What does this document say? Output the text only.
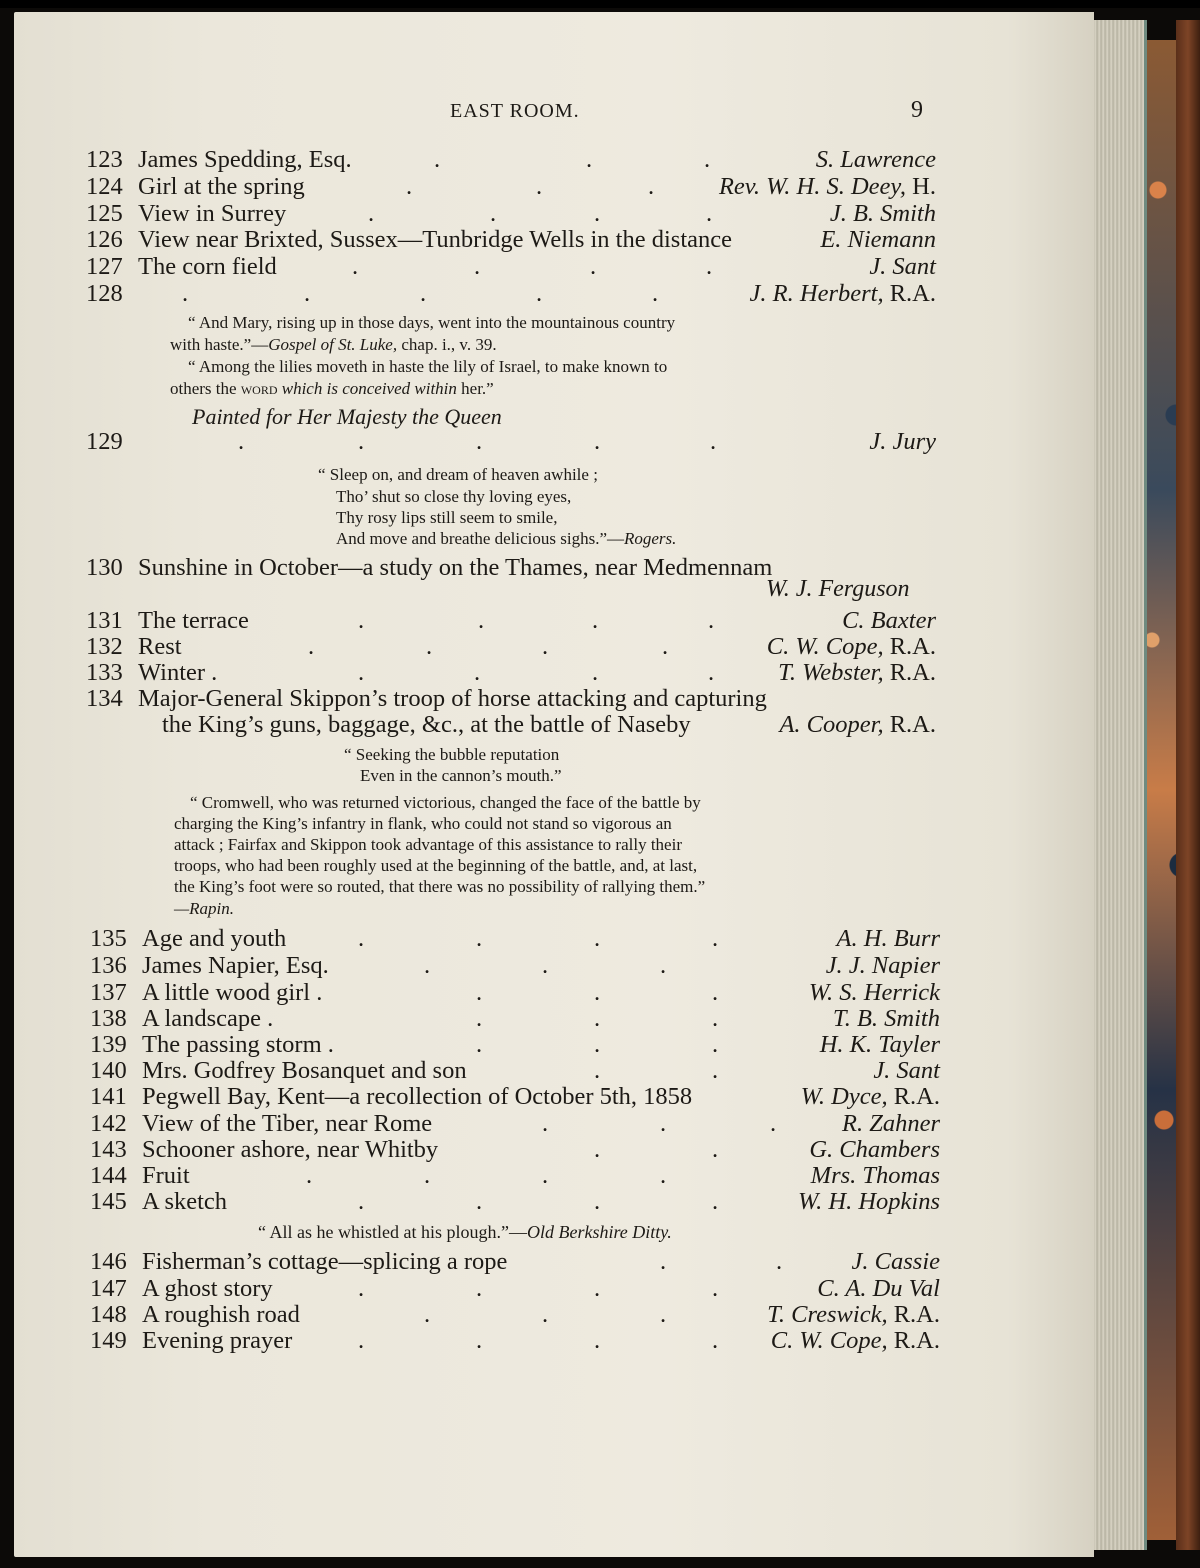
EAST ROOM.	9
123 James Spedding, Esq.	.	.	.	S. Lawrence
124 Girl at the spring	.	.	.	Rev. W. H. S. Deey, H.
125 View in Surrey	.	.	.	.	J. B. Smith
126 View near Brixted, Sussex—Tunbridge Wells in the distance	E. Niemann
127 The corn field	.	.	.	.	J. Sant
128 .	.	.	.	.	J. R. Herbert, R.A.
“ And Mary, rising up in those days, went into the mountainous country
with haste.”—Gospel of St. Luke, chap. i., v. 39.
“ Among the lilies moveth in haste the lily of Israel, to make known to
others the word which is conceived within her.”
Painted for Her Majesty the Queen
129	.	.	.	.	.	J. Jury
“ Sleep on, and dream of heaven awhile ;
Tho’ shut so close thy loving eyes,
Thy rosy lips still seem to smile,
And move and breathe delicious sighs.”—Rogers.
130 Sunshine in October—a study on the Thames, near Medmennam
W. J. Ferguson
131 The terrace	.	.	.	.	C. Baxter
132 Rest	.	.	.	.	C. W. Cope, R.A.
133 Winter .	.	.	.	.	T. Webster, R.A.
134 Major-General Skippon’s troop of horse attacking and capturing
the King’s guns, baggage, &c., at the battle of Naseby	A. Cooper, R.A.
“ Seeking the bubble reputation
Even in the cannon’s mouth.”
“ Cromwell, who was returned victorious, changed the face of the battle by
charging the King’s infantry in flank, who could not stand so vigorous an
attack ; Fairfax and Skippon took advantage of this assistance to rally their
troops, who had been roughly used at the beginning of the battle, and, at last,
the King’s foot were so routed, that there was no possibility of rallying them.”
—Rapin.
135 Age and youth	.	.	.	.	A. H. Burr
136 James Napier, Esq.	.	.	.	J. J. Napier
137 A little wood girl .	.	.	.	W. S. Herrick
138 A landscape .	.	.	.	T. B. Smith
139 The passing storm .	.	.	.	H. K. Tayler
140 Mrs. Godfrey Bosanquet and son	.	.	J. Sant
141 Pegwell Bay, Kent—a recollection of October 5th, 1858	W. Dyce, R.A.
142 View of the Tiber, near Rome	.	.	.	R. Zahner
143 Schooner ashore, near Whitby	.	.	G. Chambers
144 Fruit	.	.	.	.	Mrs. Thomas
145 A sketch	.	.	.	.	W. H. Hopkins
“ All as he whistled at his plough.”—Old Berkshire Ditty.
146 Fisherman’s cottage—splicing a rope	.	.	J. Cassie
147 A ghost story	.	.	.	.	C. A. Du Val
148 A roughish road	.	.	.	T. Creswick, R.A.
149 Evening prayer	.	.	.	. C. W. Cope, R.A.
